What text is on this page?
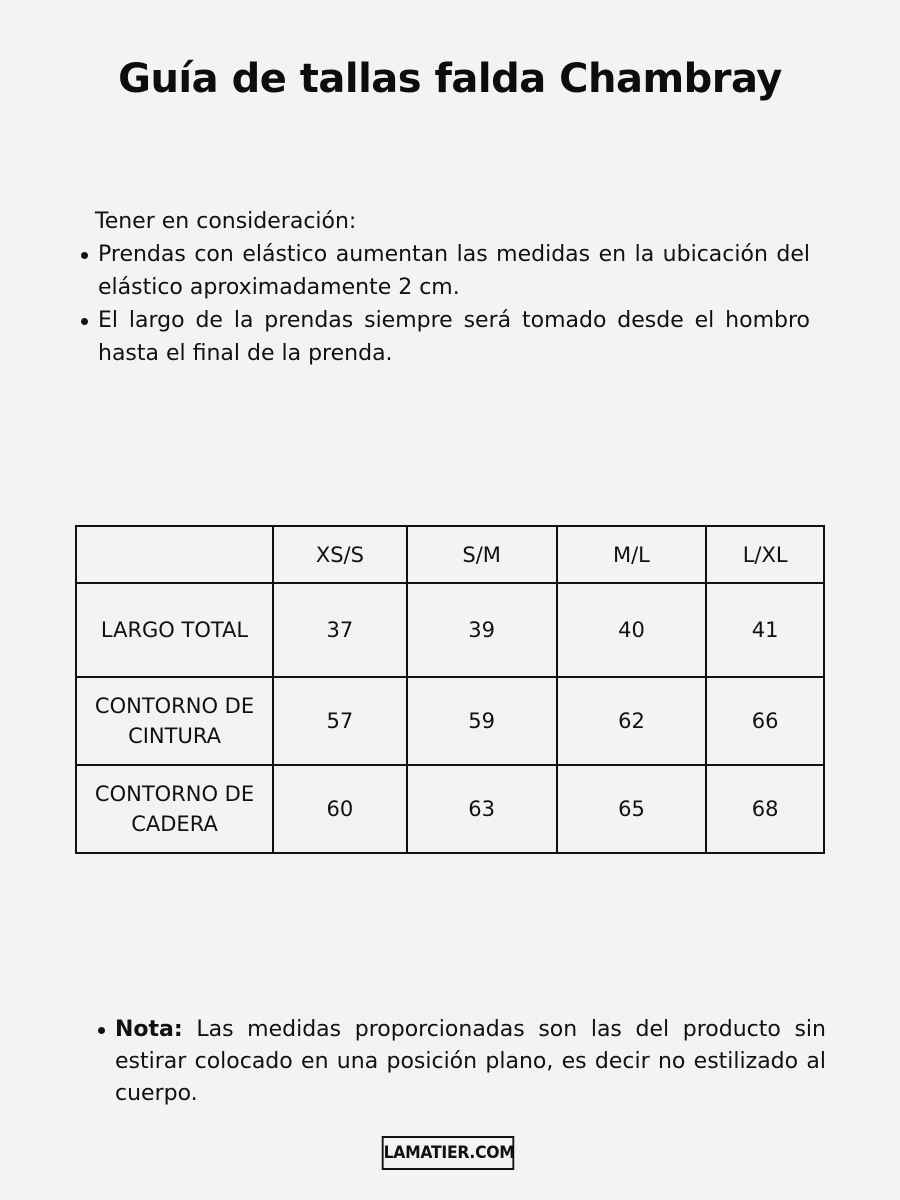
Guía de tallas falda Chambray
Tener en consideración:
Prendas con elástico aumentan las medidas en la ubicación del elástico aproximadamente 2 cm.
El largo de la prendas siempre será tomado desde el hombro hasta el final de la prenda.
	XS/S	S/M	M/L	L/XL
LARGO TOTAL	37	39	40	41
CONTORNO DE CINTURA	57	59	62	66
CONTORNO DE CADERA	60	63	65	68
Nota: Las medidas proporcionadas son las del producto sin estirar colocado en una posición plano, es decir no estilizado al cuerpo.
LAMATIER.COM
